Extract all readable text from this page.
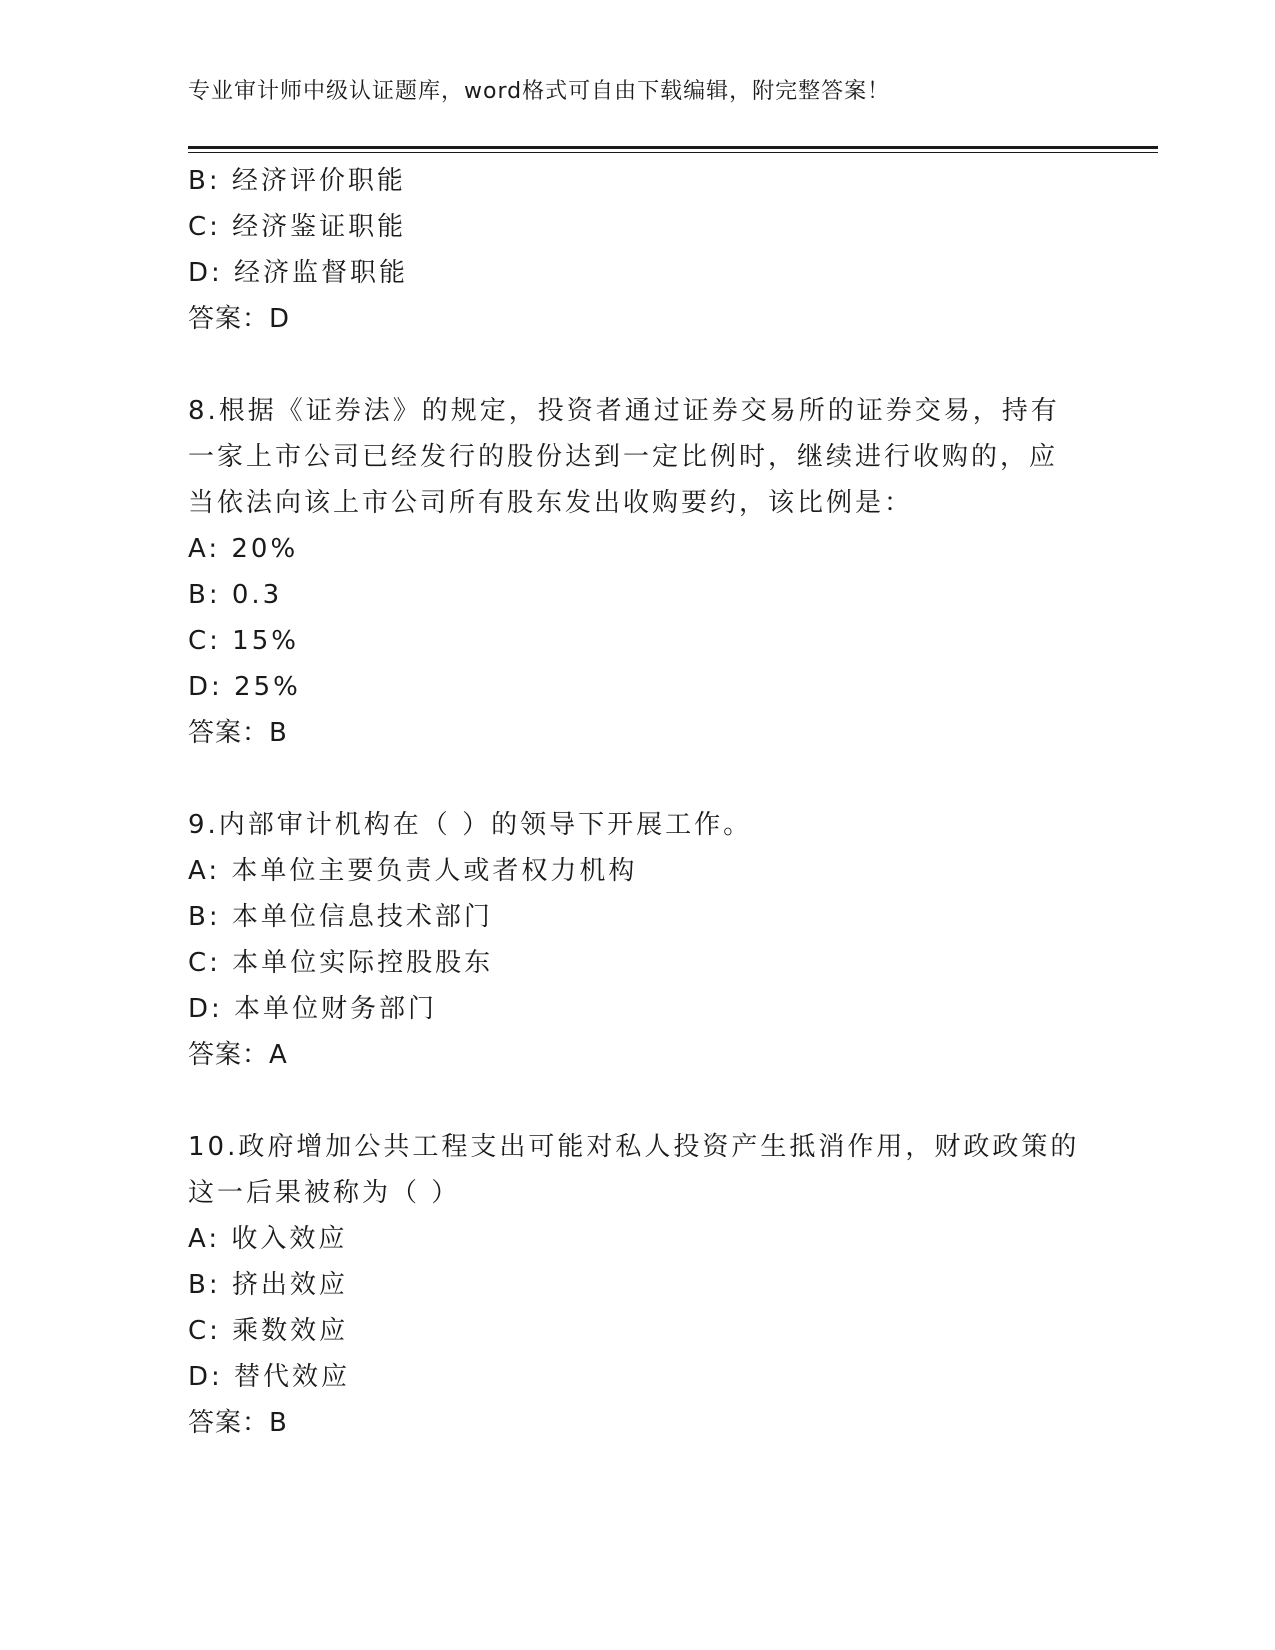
专业审计师中级认证题库，word格式可自由下载编辑，附完整答案！
B: 经济评价职能
C: 经济鉴证职能
D: 经济监督职能
答案：D
8.根据《证券法》的规定，投资者通过证券交易所的证券交易，持有
一家上市公司已经发行的股份达到一定比例时，继续进行收购的，应
当依法向该上市公司所有股东发出收购要约，该比例是：
A: 20%
B: 0.3
C: 15%
D: 25%
答案：B
9.内部审计机构在（ ）的领导下开展工作。
A: 本单位主要负责人或者权力机构
B: 本单位信息技术部门
C: 本单位实际控股股东
D: 本单位财务部门
答案：A
10.政府增加公共工程支出可能对私人投资产生抵消作用，财政政策的
这一后果被称为（ ）
A: 收入效应
B: 挤出效应
C: 乘数效应
D: 替代效应
答案：B
